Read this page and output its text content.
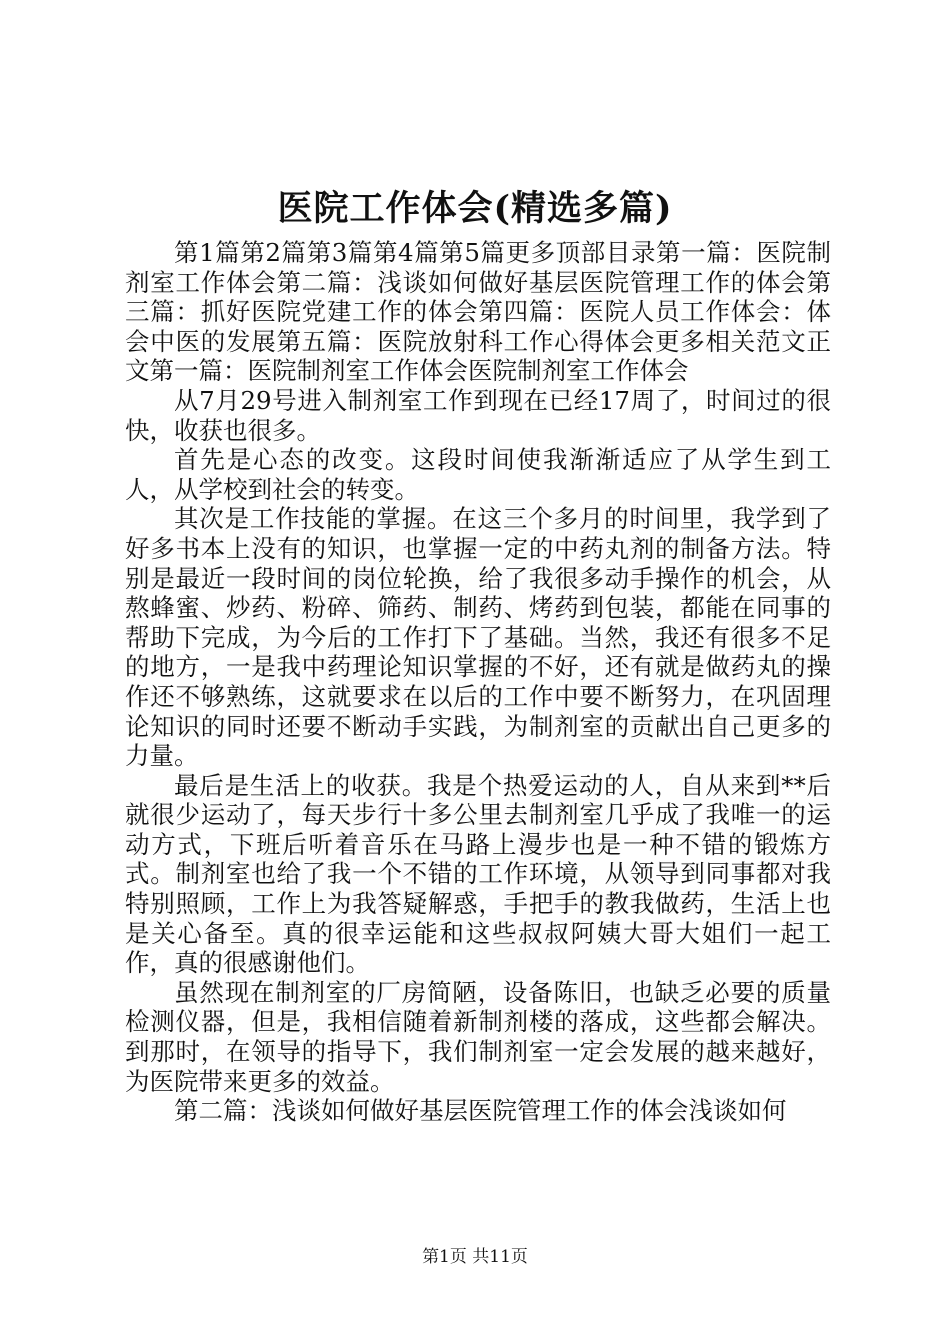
医院工作体会(精选多篇)

第1篇第2篇第3篇第4篇第5篇更多顶部目录第一篇：医院制剂室工作体会第二篇：浅谈如何做好基层医院管理工作的体会第三篇：抓好医院党建工作的体会第四篇：医院人员工作体会：体会中医的发展第五篇：医院放射科工作心得体会更多相关范文正文第一篇：医院制剂室工作体会医院制剂室工作体会

从7月29号进入制剂室工作到现在已经17周了，时间过的很快，收获也很多。

首先是心态的改变。这段时间使我渐渐适应了从学生到工人，从学校到社会的转变。

其次是工作技能的掌握。在这三个多月的时间里，我学到了好多书本上没有的知识，也掌握一定的中药丸剂的制备方法。特别是最近一段时间的岗位轮换，给了我很多动手操作的机会，从熬蜂蜜、炒药、粉碎、筛药、制药、烤药到包装，都能在同事的帮助下完成，为今后的工作打下了基础。当然，我还有很多不足的地方，一是我中药理论知识掌握的不好，还有就是做药丸的操作还不够熟练，这就要求在以后的工作中要不断努力，在巩固理论知识的同时还要不断动手实践，为制剂室的贡献出自己更多的力量。

最后是生活上的收获。我是个热爱运动的人，自从来到**后就很少运动了，每天步行十多公里去制剂室几乎成了我唯一的运动方式，下班后听着音乐在马路上漫步也是一种不错的锻炼方式。制剂室也给了我一个不错的工作环境，从领导到同事都对我特别照顾，工作上为我答疑解惑，手把手的教我做药，生活上也是关心备至。真的很幸运能和这些叔叔阿姨大哥大姐们一起工作，真的很感谢他们。

虽然现在制剂室的厂房简陋，设备陈旧，也缺乏必要的质量检测仪器，但是，我相信随着新制剂楼的落成，这些都会解决。到那时，在领导的指导下，我们制剂室一定会发展的越来越好，为医院带来更多的效益。

第二篇：浅谈如何做好基层医院管理工作的体会浅谈如何

第1页 共11页
